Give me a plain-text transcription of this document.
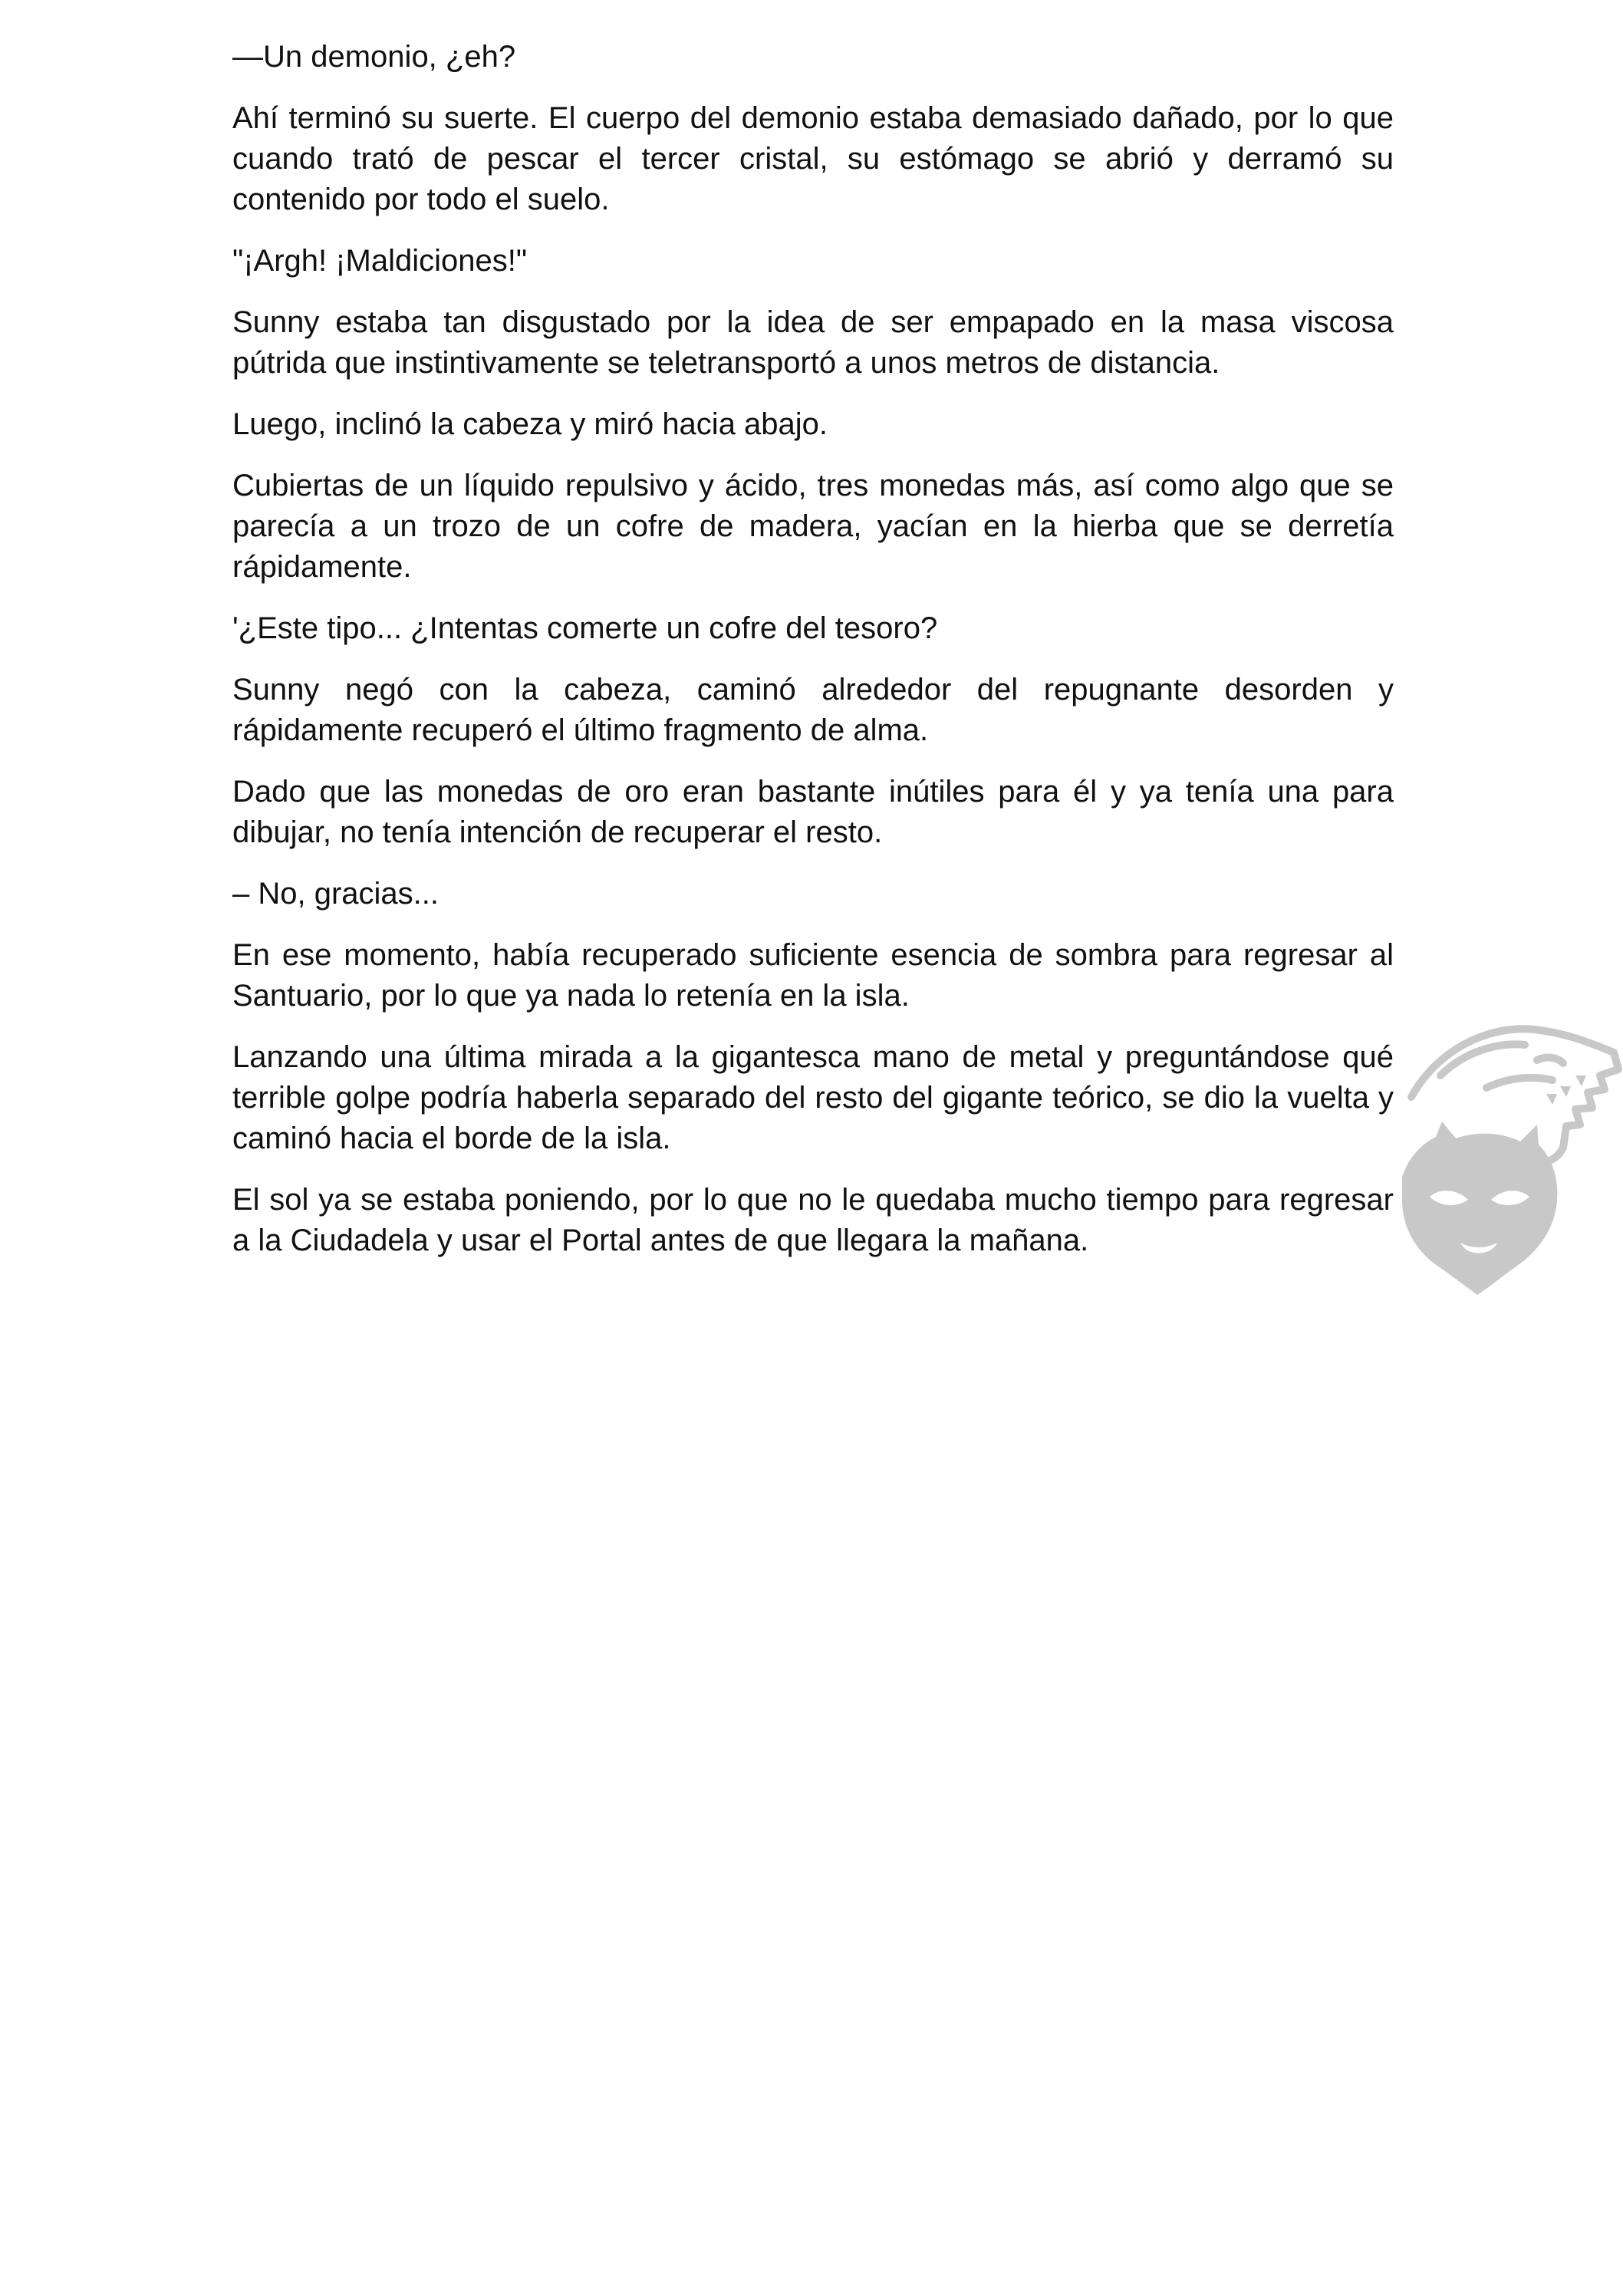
—Un demonio, ¿eh?

Ahí terminó su suerte. El cuerpo del demonio estaba demasiado dañado, por lo que cuando trató de pescar el tercer cristal, su estómago se abrió y derramó su contenido por todo el suelo.

"¡Argh! ¡Maldiciones!"

Sunny estaba tan disgustado por la idea de ser empapado en la masa viscosa pútrida que instintivamente se teletransportó a unos metros de distancia.

Luego, inclinó la cabeza y miró hacia abajo.

Cubiertas de un líquido repulsivo y ácido, tres monedas más, así como algo que se parecía a un trozo de un cofre de madera, yacían en la hierba que se derretía rápidamente.

'¿Este tipo... ¿Intentas comerte un cofre del tesoro?

Sunny negó con la cabeza, caminó alrededor del repugnante desorden y rápidamente recuperó el último fragmento de alma.

Dado que las monedas de oro eran bastante inútiles para él y ya tenía una para dibujar, no tenía intención de recuperar el resto.

– No, gracias...

En ese momento, había recuperado suficiente esencia de sombra para regresar al Santuario, por lo que ya nada lo retenía en la isla.

Lanzando una última mirada a la gigantesca mano de metal y preguntándose qué terrible golpe podría haberla separado del resto del gigante teórico, se dio la vuelta y caminó hacia el borde de la isla.

El sol ya se estaba poniendo, por lo que no le quedaba mucho tiempo para regresar a la Ciudadela y usar el Portal antes de que llegara la mañana.
